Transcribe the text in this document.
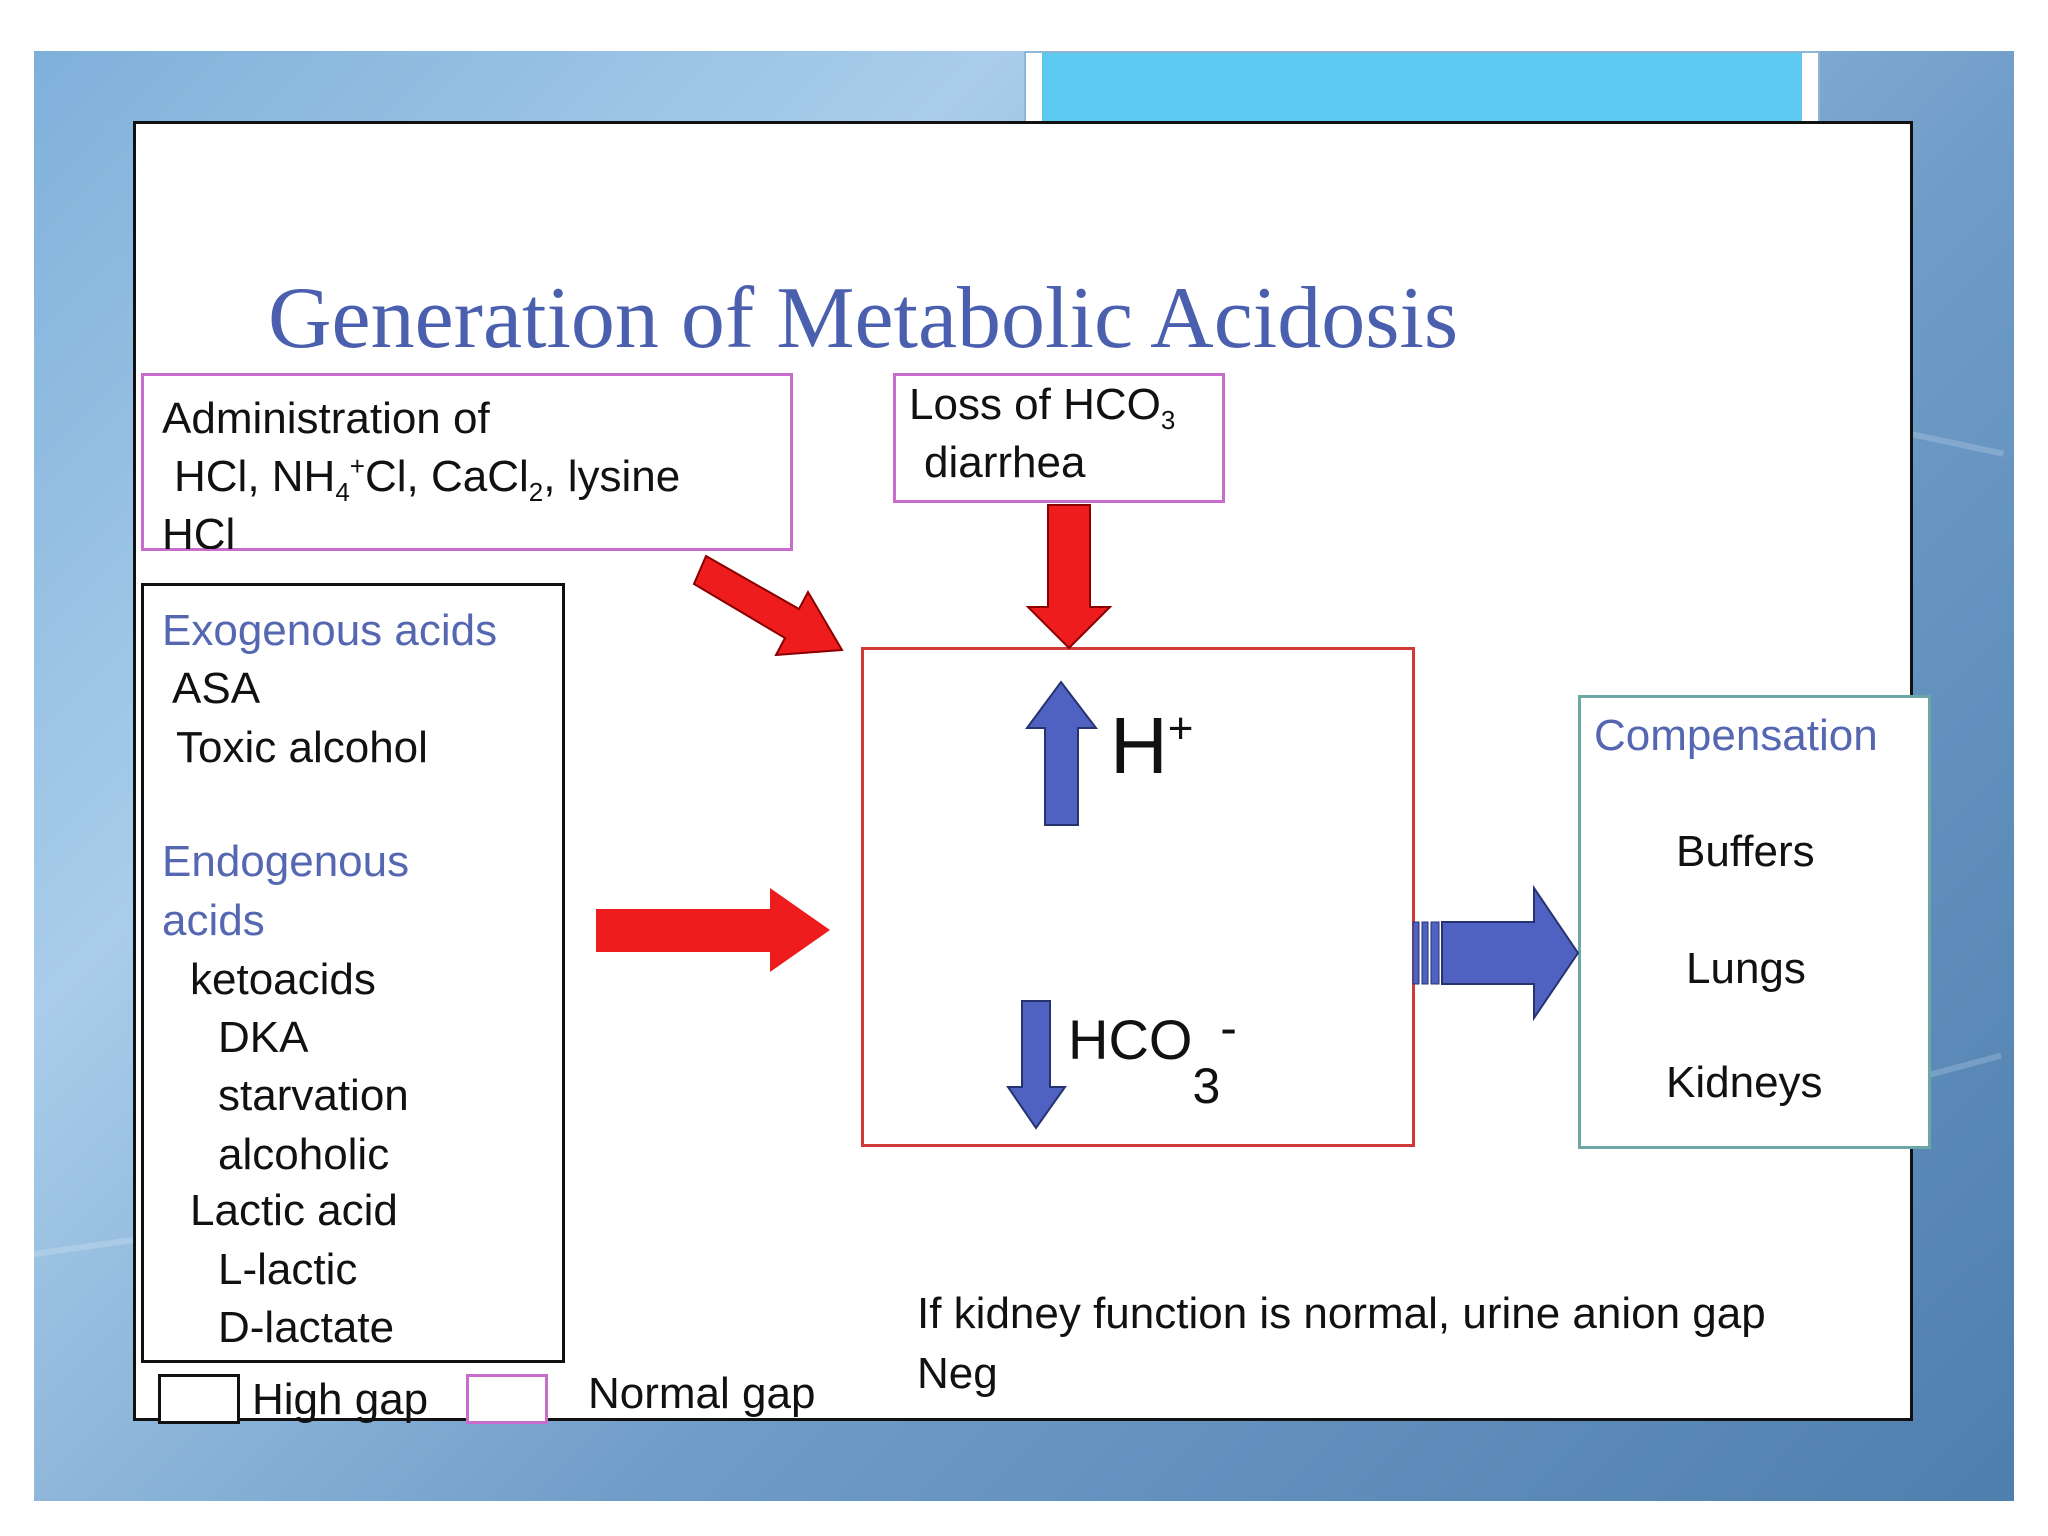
Generation of Metabolic Acidosis
Administration of
HCl, $NH_4^+Cl$, CaCl$_2$, lysine
HCl
Loss of $HCO_3$
diarrhea
Exogenous acids
ASA
Toxic alcohol
Endogenous
acids
ketoacids
DKA
starvation
alcoholic
Lactic acid
L-lactic
D-lactate
H+
$HCO_3^-$
Compensation
Buffers
Lungs
Kidneys
High gap	Normal gap
If kidney function is normal, urine anion gap
Neg
